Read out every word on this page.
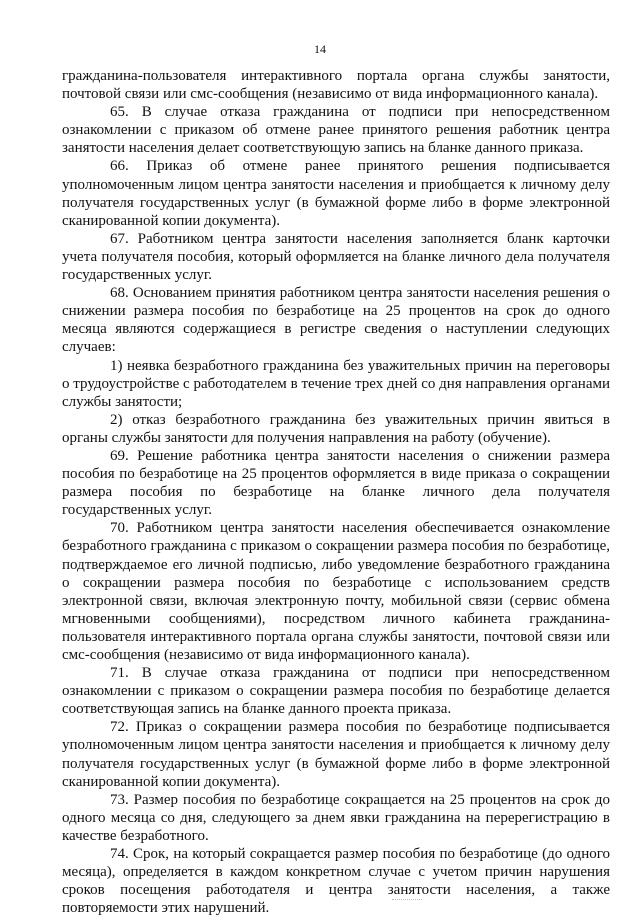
14

гражданина-пользователя интерактивного портала органа службы занятости, почтовой связи или смс-сообщения (независимо от вида информационного канала).

65. В случае отказа гражданина от подписи при непосредственном ознакомлении с приказом об отмене ранее принятого решения работник центра занятости населения делает соответствующую запись на бланке данного приказа.

66. Приказ об отмене ранее принятого решения подписывается уполномоченным лицом центра занятости населения и приобщается к личному делу получателя государственных услуг (в бумажной форме либо в форме электронной сканированной копии документа).

67. Работником центра занятости населения заполняется бланк карточки учета получателя пособия, который оформляется на бланке личного дела получателя государственных услуг.

68. Основанием принятия работником центра занятости населения решения о снижении размера пособия по безработице на 25 процентов на срок до одного месяца являются содержащиеся в регистре сведения о наступлении следующих случаев:

1) неявка безработного гражданина без уважительных причин на переговоры о трудоустройстве с работодателем в течение трех дней со дня направления органами службы занятости;

2) отказ безработного гражданина без уважительных причин явиться в органы службы занятости для получения направления на работу (обучение).

69. Решение работника центра занятости населения о снижении размера пособия по безработице на 25 процентов оформляется в виде приказа о сокращении размера пособия по безработице на бланке личного дела получателя государственных услуг.

70. Работником центра занятости населения обеспечивается ознакомление безработного гражданина с приказом о сокращении размера пособия по безработице, подтверждаемое его личной подписью, либо уведомление безработного гражданина о сокращении размера пособия по безработице с использованием средств электронной связи, включая электронную почту, мобильной связи (сервис обмена мгновенными сообщениями), посредством личного кабинета гражданина-пользователя интерактивного портала органа службы занятости, почтовой связи или смс-сообщения (независимо от вида информационного канала).

71. В случае отказа гражданина от подписи при непосредственном ознакомлении с приказом о сокращении размера пособия по безработице делается соответствующая запись на бланке данного проекта приказа.

72. Приказ о сокращении размера пособия по безработице подписывается уполномоченным лицом центра занятости населения и приобщается к личному делу получателя государственных услуг (в бумажной форме либо в форме электронной сканированной копии документа).

73. Размер пособия по безработице сокращается на 25 процентов на срок до одного месяца со дня, следующего за днем явки гражданина на перерегистрацию в качестве безработного.

74. Срок, на который сокращается размер пособия по безработице (до одного месяца), определяется в каждом конкретном случае с учетом причин нарушения сроков посещения работодателя и центра занятости населения, а также повторяемости этих нарушений.
